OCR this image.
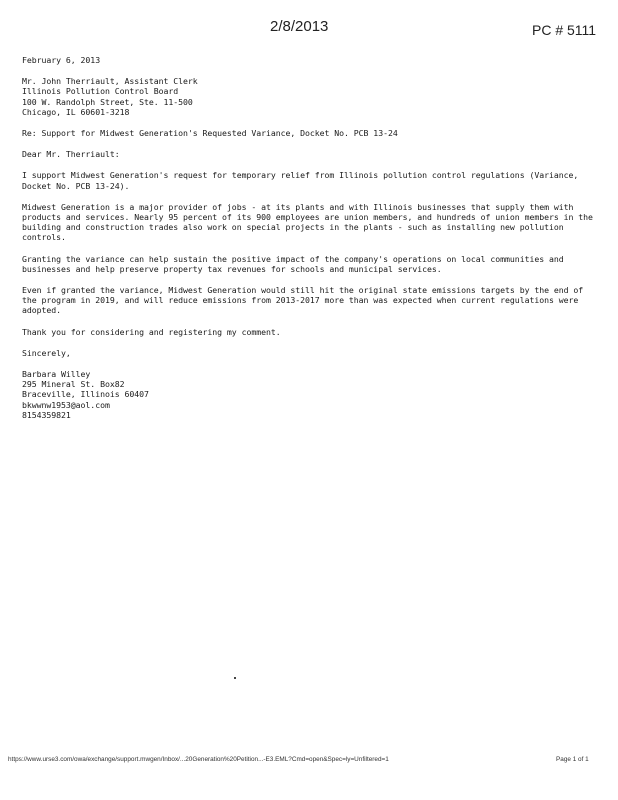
2/8/2013	PC # 5111

February 6, 2013

Mr. John Therriault, Assistant Clerk
Illinois Pollution Control Board
100 W. Randolph Street, Ste. 11-500
Chicago, IL 60601-3218

Re: Support for Midwest Generation's Requested Variance, Docket No. PCB 13-24

Dear Mr. Therriault:

I support Midwest Generation's request for temporary relief from Illinois pollution control regulations (Variance,
Docket No. PCB 13-24).

Midwest Generation is a major provider of jobs - at its plants and with Illinois businesses that supply them with
products and services. Nearly 95 percent of its 900 employees are union members, and hundreds of union members in the
building and construction trades also work on special projects in the plants - such as installing new pollution
controls.

Granting the variance can help sustain the positive impact of the company's operations on local communities and
businesses and help preserve property tax revenues for schools and municipal services.

Even if granted the variance, Midwest Generation would still hit the original state emissions targets by the end of
the program in 2019, and will reduce emissions from 2013-2017 more than was expected when current regulations were
adopted.

Thank you for considering and registering my comment.

Sincerely,

Barbara Willey
295 Mineral St. Box82
Braceville, Illinois 60407
bkwwnw1953@aol.com
8154359821

https://www.urse3.com/owa/exchange/support.mwgen/Inbox/...20Generation%20Petition...-E3.EML?Cmd=open&Spec=ly=Unfiltered=1	Page 1 of 1
